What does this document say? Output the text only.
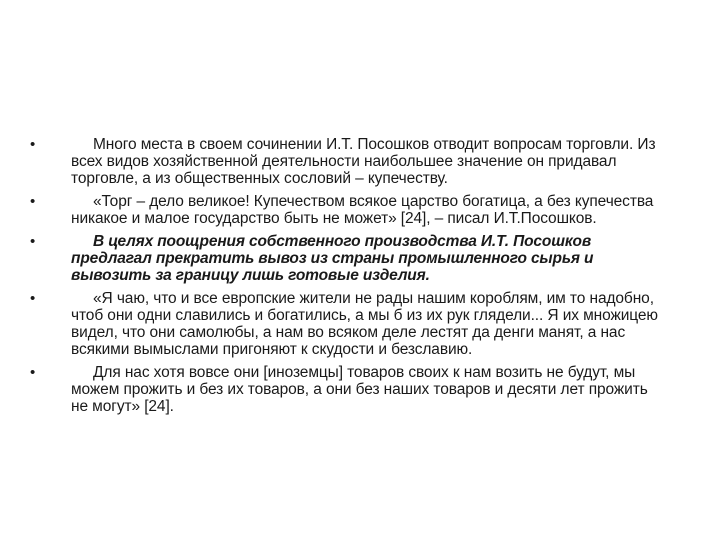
•	Много места в своем сочинении И.Т. Посошков отводит вопросам торговли. Из всех видов хозяйственной деятельности наибольшее значение он придавал торговле, а из общественных сословий – купечеству.
•	«Торг – дело великое! Купечеством всякое царство богатица, а без купечества никакое и малое государство быть не может» [24], – писал И.Т.Посошков.
•	В целях поощрения собственного производства И.Т. Посошков предлагал прекратить вывоз из страны промышленного сырья и вывозить за границу лишь готовые изделия.
•	«Я чаю, что и все европские жители не рады нашим короблям, им то надобно, чтоб они одни славились и богатились, а мы б из их рук глядели... Я их множицею видел, что они самолюбы, а нам во всяком деле лестят да денги манят, а нас всякими вымыслами пригоняют к скудости и безславию.
•	Для нас хотя вовсе они [иноземцы] товаров своих к нам возить не будут, мы можем прожить и без их товаров, а они без наших товаров и десяти лет прожить не могут» [24].
